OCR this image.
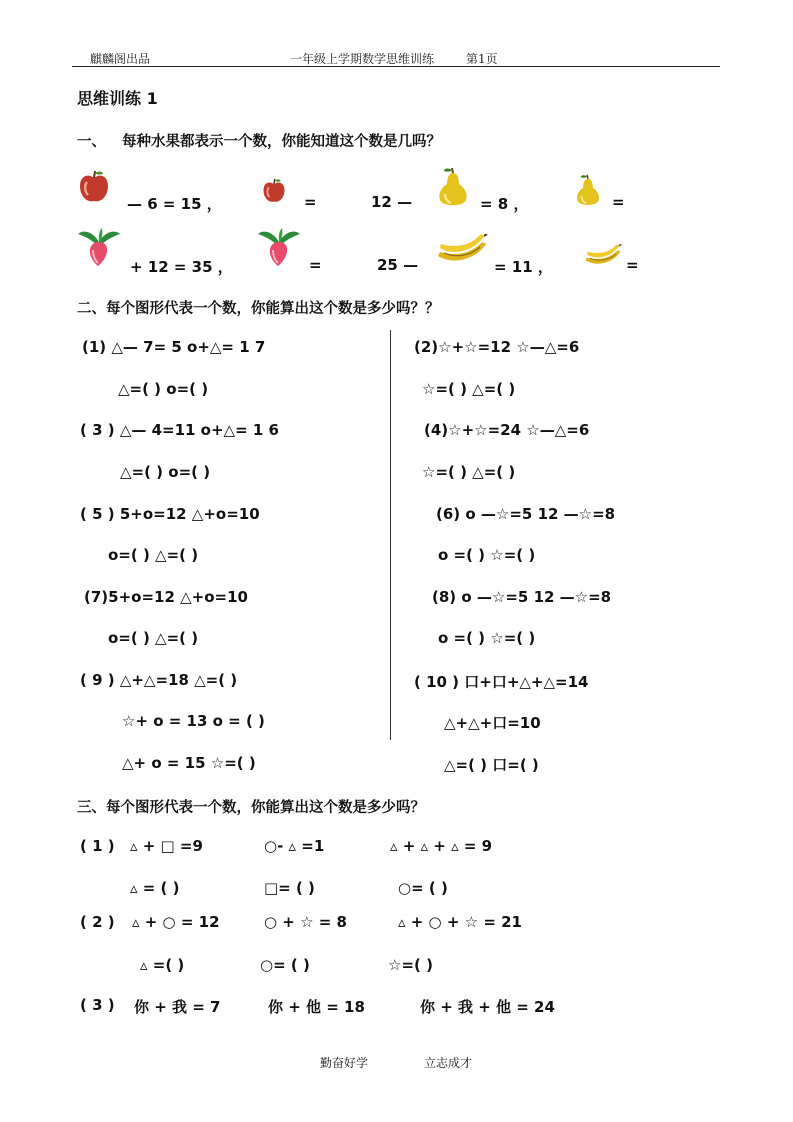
麒麟阁出品	一年级上学期数学思维训练	第1页
思维训练 1
一、 每种水果都表示一个数，你能知道这个数是几吗？
— 6 = 15 ，	=	12 —	= 8 ，	=
+ 12 = 35 ，	=	25 —	= 11 ，	=
二、每个图形代表一个数，你能算出这个数是多少吗？？
(1) △— 7= 5 o+△= 1 7
△=( ) o=( )
( 3 ) △— 4=11 o+△= 1 6
△=( ) o=( )
( 5 ) 5+o=12 △+o=10
o=( ) △=( )
(7)5+o=12 △+o=10
o=( ) △=( )
( 9 ) △+△=18 △=( )
☆+ o = 13 o = ( )
△+ o = 15 ☆=( )
(2)☆+☆=12 ☆—△=6
☆=( ) △=( )
(4)☆+☆=24 ☆—△=6
☆=( ) △=( )
(6) o —☆=5 12 —☆=8
o =( ) ☆=( )
(8) o —☆=5 12 —☆=8
o =( ) ☆=( )
( 10 ) 口+口+△+△=14
△+△+口=10
△=( ) 口=( )
三、每个图形代表一个数，你能算出这个数是多少吗？
( 1 ) ▵ + □ =9	○- ▵ =1	▵ + ▵ + ▵ = 9
▵ = ( )	□= ( )	○= ( )
( 2 ) ▵ + ○ = 12	○ + ☆ = 8	▵ + ○ + ☆ = 21
▵ =( )	○= ( )	☆=( )
( 3 ) 你 + 我 = 7	你 + 他 = 18	你 + 我 + 他 = 24
勤奋好学	立志成才
